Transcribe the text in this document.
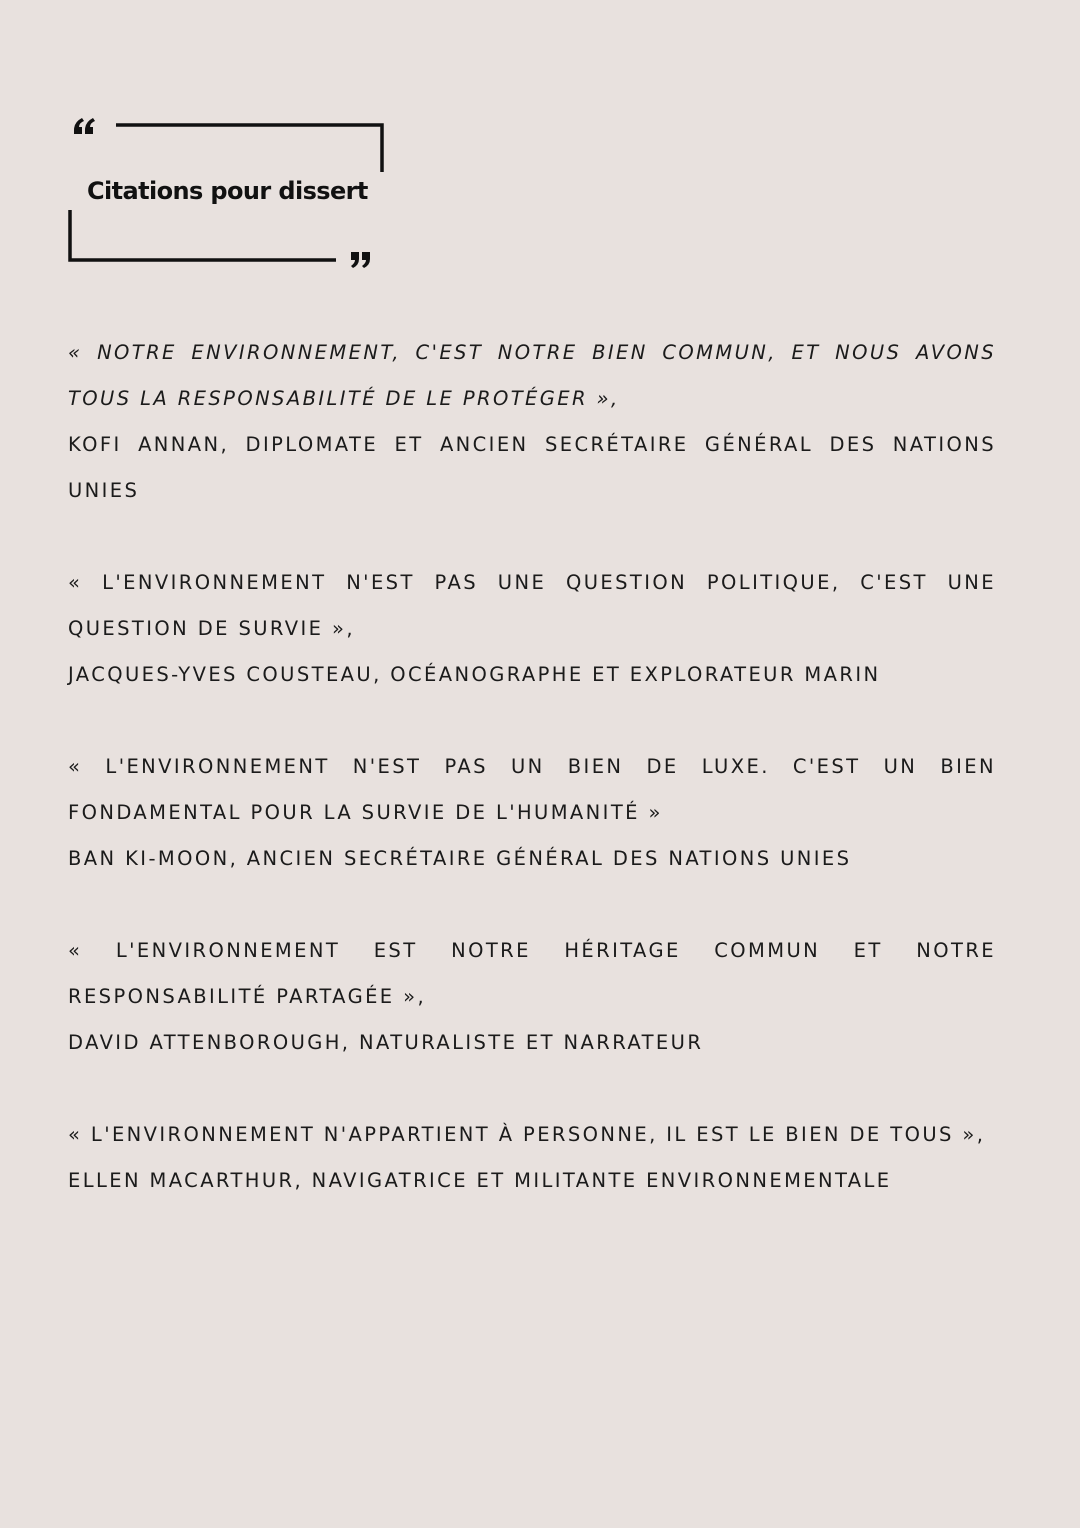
Citations pour dissert

« NOTRE ENVIRONNEMENT, C'EST NOTRE BIEN COMMUN, ET NOUS AVONS TOUS LA RESPONSABILITÉ DE LE PROTÉGER »,

KOFI ANNAN, DIPLOMATE ET ANCIEN SECRÉTAIRE GÉNÉRAL DES NATIONS UNIES

« L'ENVIRONNEMENT N'EST PAS UNE QUESTION POLITIQUE, C'EST UNE QUESTION DE SURVIE »,

JACQUES-YVES COUSTEAU, OCÉANOGRAPHE ET EXPLORATEUR MARIN

« L'ENVIRONNEMENT N'EST PAS UN BIEN DE LUXE. C'EST UN BIEN FONDAMENTAL POUR LA SURVIE DE L'HUMANITÉ »

BAN KI-MOON, ANCIEN SECRÉTAIRE GÉNÉRAL DES NATIONS UNIES

« L'ENVIRONNEMENT EST NOTRE HÉRITAGE COMMUN ET NOTRE RESPONSABILITÉ PARTAGÉE »,

DAVID ATTENBOROUGH, NATURALISTE ET NARRATEUR

« L'ENVIRONNEMENT N'APPARTIENT À PERSONNE, IL EST LE BIEN DE TOUS »,

ELLEN MACARTHUR, NAVIGATRICE ET MILITANTE ENVIRONNEMENTALE
